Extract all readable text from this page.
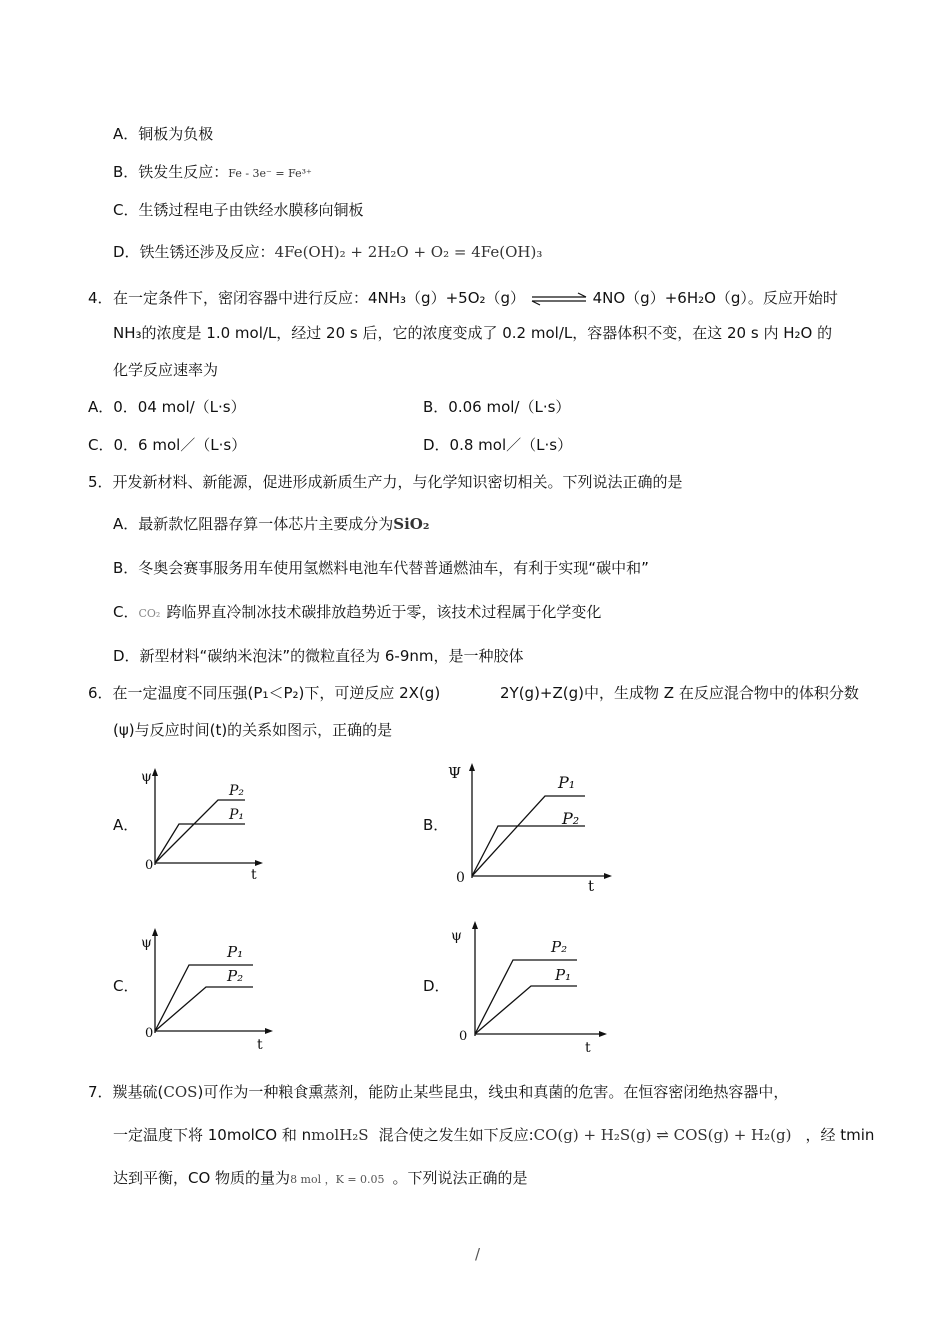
A．铜板为负极
B．铁发生反应：Fe - 3e⁻ = Fe³⁺
C．生锈过程电子由铁经水膜移向铜板
D．铁生锈还涉及反应：4Fe(OH)₂ + 2H₂O + O₂ = 4Fe(OH)₃
4． 在一定条件下，密闭容器中进行反应：4NH₃（g）+5O₂（g） ⇌ 4NO（g）+6H₂O（g）。反应开始时
NH₃的浓度是 1.0 mol/L，经过 20 s 后，它的浓度变成了 0.2 mol/L，容器体积不变，在这 20 s 内 H₂O 的
化学反应速率为
A．0．04 mol/（L·s）	B．0.06 mol/（L·s）
C．0．6 mol／（L·s）	D．0.8 mol／（L·s）
5．开发新材料、新能源，促进形成新质生产力，与化学知识密切相关。下列说法正确的是
A．最新款忆阻器存算一体芯片主要成分为SiO₂
B．冬奥会赛事服务用车使用氢燃料电池车代替普通燃油车，有利于实现“碳中和”
C．CO₂ 跨临界直冷制冰技术碳排放趋势近于零，该技术过程属于化学变化
D．新型材料“碳纳米泡沫”的微粒直径为 6-9nm，是一种胶体
6．在一定温度不同压强(P₁＜P₂)下，可逆反应 2X(g)	2Y(g)+Z(g)中，生成物 Z 在反应混合物中的体积分数
(ψ)与反应时间(t)的关系如图示，正确的是
A．	B．
C．	D．
ψ
t
0
P₂
P₁
Ψ
t
0
P₁
P₂
ψ
t
0
P₁
P₂
ψ
t
0
P₂
P₁
7．羰基硫(COS)可作为一种粮食熏蒸剂，能防止某些昆虫，线虫和真菌的危害。在恒容密闭绝热容器中，
一定温度下将 10molCO 和 nmolH₂S 混合使之发生如下反应:CO(g) + H₂S(g) ⇌ COS(g) + H₂(g) ，经 tmin
达到平衡，CO 物质的量为8 mol ，K = 0.05 。下列说法正确的是
/
